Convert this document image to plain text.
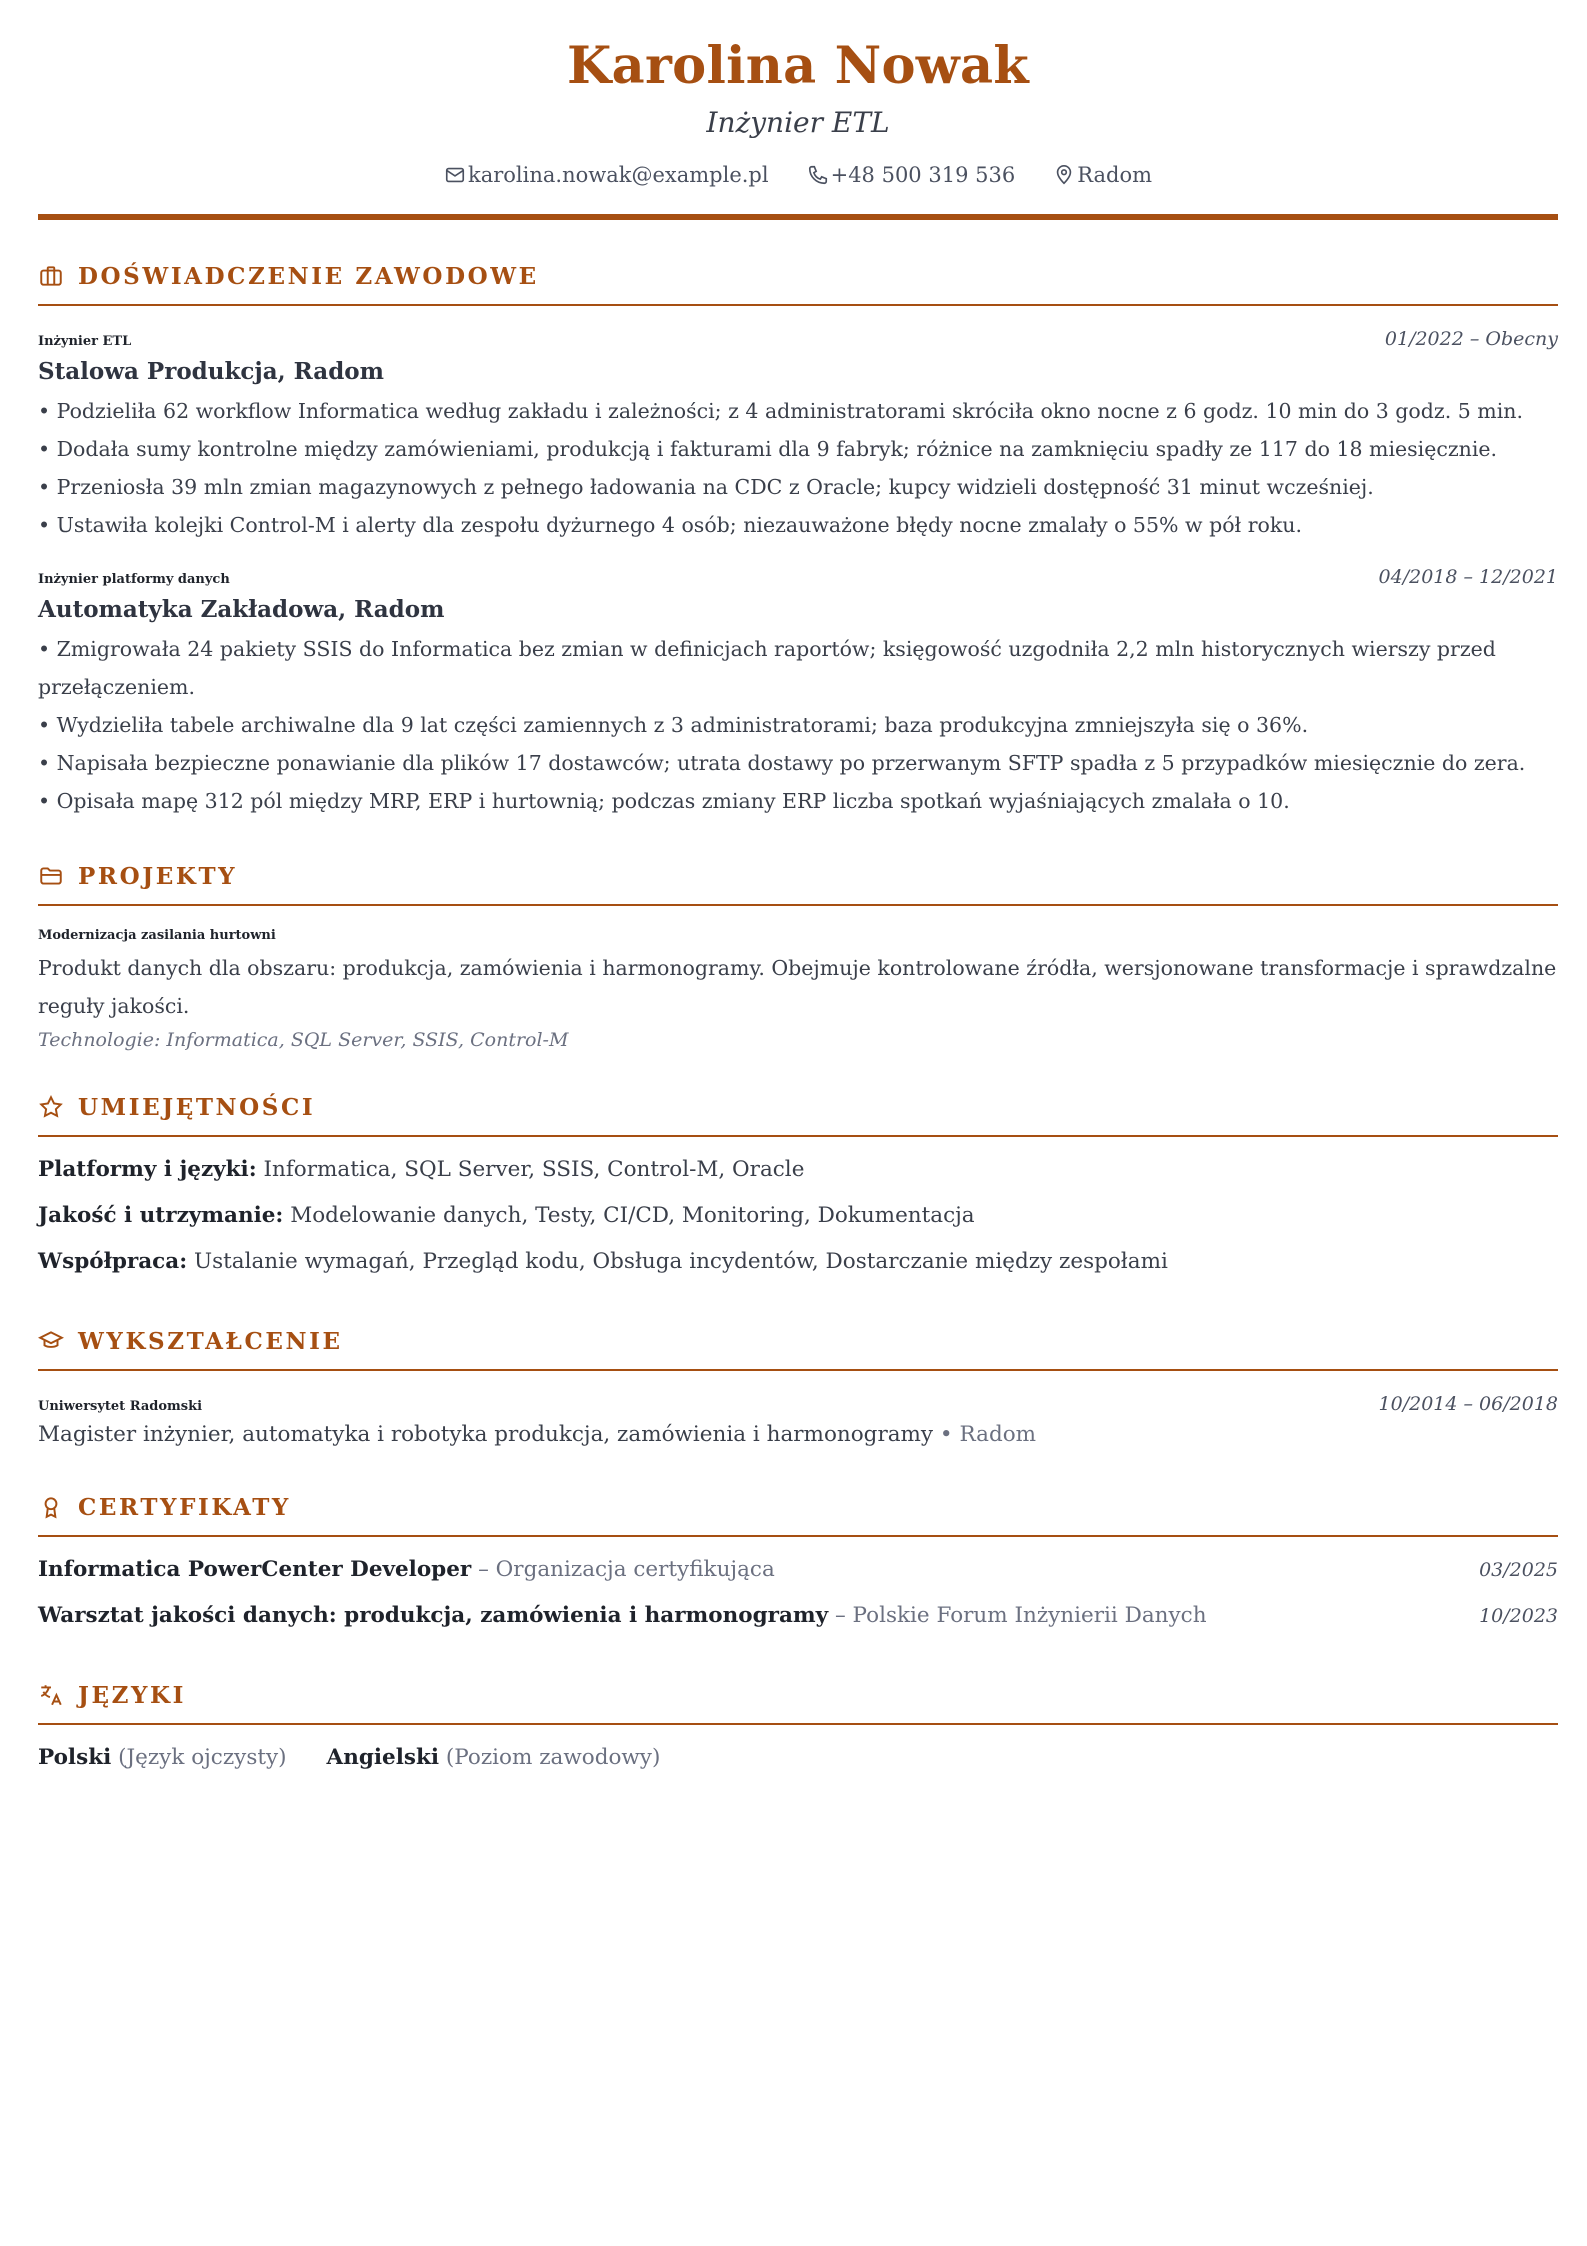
Karolina Nowak
Inżynier ETL
karolina.nowak@example.pl	+48 500 319 536	Radom
DOŚWIADCZENIE ZAWODOWE
Inżynier ETL	01/2022 – Obecny
Stalowa Produkcja, Radom
• Podzieliła 62 workflow Informatica według zakładu i zależności; z 4 administratorami skróciła okno nocne z 6 godz. 10 min do 3 godz. 5 min.
• Dodała sumy kontrolne między zamówieniami, produkcją i fakturami dla 9 fabryk; różnice na zamknięciu spadły ze 117 do 18 miesięcznie.
• Przeniosła 39 mln zmian magazynowych z pełnego ładowania na CDC z Oracle; kupcy widzieli dostępność 31 minut wcześniej.
• Ustawiła kolejki Control-M i alerty dla zespołu dyżurnego 4 osób; niezauważone błędy nocne zmalały o 55% w pół roku.
Inżynier platformy danych	04/2018 – 12/2021
Automatyka Zakładowa, Radom
• Zmigrowała 24 pakiety SSIS do Informatica bez zmian w definicjach raportów; księgowość uzgodniła 2,2 mln historycznych wierszy przed przełączeniem.
• Wydzieliła tabele archiwalne dla 9 lat części zamiennych z 3 administratorami; baza produkcyjna zmniejszyła się o 36%.
• Napisała bezpieczne ponawianie dla plików 17 dostawców; utrata dostawy po przerwanym SFTP spadła z 5 przypadków miesięcznie do zera.
• Opisała mapę 312 pól między MRP, ERP i hurtownią; podczas zmiany ERP liczba spotkań wyjaśniających zmalała o 10.
PROJEKTY
Modernizacja zasilania hurtowni
Produkt danych dla obszaru: produkcja, zamówienia i harmonogramy. Obejmuje kontrolowane źródła, wersjonowane transformacje i sprawdzalne reguły jakości.
Technologie: Informatica, SQL Server, SSIS, Control-M
UMIEJĘTNOŚCI
Platformy i języki: Informatica, SQL Server, SSIS, Control-M, Oracle
Jakość i utrzymanie: Modelowanie danych, Testy, CI/CD, Monitoring, Dokumentacja
Współpraca: Ustalanie wymagań, Przegląd kodu, Obsługa incydentów, Dostarczanie między zespołami
WYKSZTAŁCENIE
Uniwersytet Radomski	10/2014 – 06/2018
Magister inżynier, automatyka i robotyka produkcja, zamówienia i harmonogramy • Radom
CERTYFIKATY
Informatica PowerCenter Developer – Organizacja certyfikująca	03/2025
Warsztat jakości danych: produkcja, zamówienia i harmonogramy – Polskie Forum Inżynierii Danych	10/2023
JĘZYKI
Polski (Język ojczysty) Angielski (Poziom zawodowy)
